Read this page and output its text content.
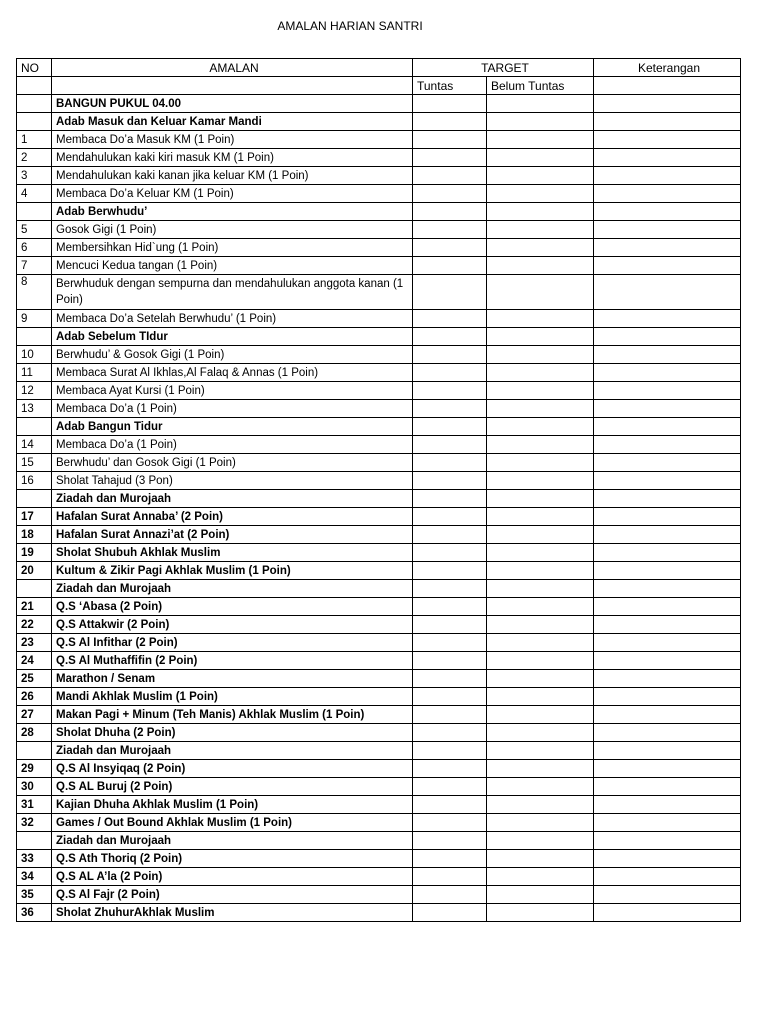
AMALAN HARIAN SANTRI
NO	AMALAN	TARGET		Keterangan
		Tuntas	Belum Tuntas	
	BANGUN PUKUL 04.00			
	Adab Masuk dan Keluar Kamar Mandi			
1	Membaca Do’a Masuk KM (1 Poin)			
2	Mendahulukan kaki kiri masuk KM (1 Poin)			
3	Mendahulukan kaki kanan jika keluar KM (1 Poin)			
4	Membaca Do’a Keluar KM (1 Poin)			
	Adab Berwhudu’			
5	Gosok Gigi (1 Poin)			
6	Membersihkan Hid`ung (1 Poin)			
7	Mencuci Kedua tangan (1 Poin)			
8	Berwhuduk dengan sempurna dan mendahulukan anggota kanan (1 Poin)			
9	Membaca Do’a Setelah Berwhudu’ (1 Poin)			
	Adab Sebelum TIdur			
10	Berwhudu’ & Gosok Gigi (1 Poin)			
11	Membaca Surat Al Ikhlas,Al Falaq & Annas (1 Poin)			
12	Membaca Ayat Kursi (1 Poin)			
13	Membaca Do’a (1 Poin)			
	Adab Bangun Tidur			
14	Membaca Do’a (1 Poin)			
15	Berwhudu’ dan Gosok Gigi (1 Poin)			
16	Sholat Tahajud (3 Pon)			
	Ziadah dan Murojaah			
17	Hafalan Surat Annaba’ (2 Poin)			
18	Hafalan Surat Annazi’at (2 Poin)			
19	Sholat Shubuh Akhlak Muslim			
20	Kultum & Zikir Pagi Akhlak Muslim (1 Poin)			
	Ziadah dan Murojaah			
21	Q.S ‘Abasa (2 Poin)			
22	Q.S Attakwir (2 Poin)			
23	Q.S Al Infithar (2 Poin)			
24	Q.S Al Muthaffifin (2 Poin)			
25	Marathon / Senam			
26	Mandi Akhlak Muslim (1 Poin)			
27	Makan Pagi + Minum (Teh Manis) Akhlak Muslim (1 Poin)			
28	Sholat Dhuha (2 Poin)			
	Ziadah dan Murojaah			
29	Q.S Al Insyiqaq (2 Poin)			
30	Q.S AL Buruj (2 Poin)			
31	Kajian Dhuha Akhlak Muslim (1 Poin)			
32	Games / Out Bound Akhlak Muslim (1 Poin)			
	Ziadah dan Murojaah			
33	Q.S Ath Thoriq (2 Poin)			
34	Q.S AL A’la (2 Poin)			
35	Q.S Al Fajr (2 Poin)			
36	Sholat ZhuhurAkhlak Muslim			
